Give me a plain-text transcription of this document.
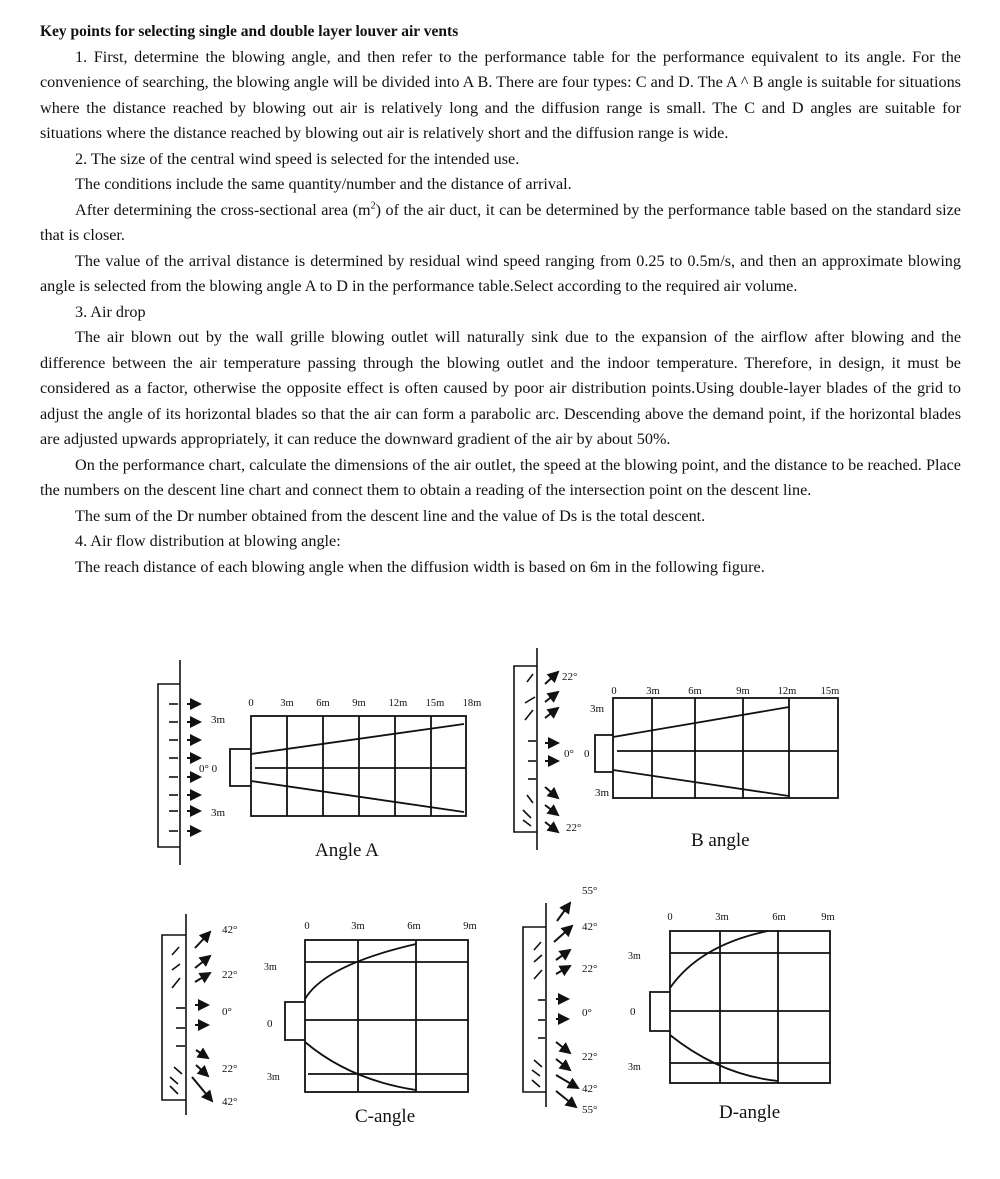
Key points for selecting single and double layer louver air vents

1. First, determine the blowing angle, and then refer to the performance table for the performance equivalent to its angle. For the convenience of searching, the blowing angle will be divided into A B. There are four types: C and D. The A ^ B angle is suitable for situations where the distance reached by blowing out air is relatively long and the diffusion range is small. The C and D angles are suitable for situations where the distance reached by blowing out air is relatively short and the diffusion range is wide.

2. The size of the central wind speed is selected for the intended use.

The conditions include the same quantity/number and the distance of arrival.

After determining the cross-sectional area $(m^2)$ of the air duct, it can be determined by the performance table based on the standard size that is closer.

The value of the arrival distance is determined by residual wind speed ranging from 0.25 to 0.5m/s, and then an approximate blowing angle is selected from the blowing angle A to D in the performance table.Select according to the required air volume.

3. Air drop

The air blown out by the wall grille blowing outlet will naturally sink due to the expansion of the airflow after blowing and the difference between the air temperature passing through the blowing outlet and the indoor temperature. Therefore, in design, it must be considered as a factor, otherwise the opposite effect is often caused by poor air distribution points.Using double-layer blades of the grid to adjust the angle of its horizontal blades so that the air can form a parabolic arc. Descending above the demand point, if the horizontal blades are adjusted upwards appropriately, it can reduce the downward gradient of the air by about 50%.

On the performance chart, calculate the dimensions of the air outlet, the speed at the blowing point, and the distance to be reached. Place the numbers on the descent line chart and connect them to obtain a reading of the intersection point on the descent line.

The sum of the Dr number obtained from the descent line and the value of Ds is the total descent.

4. Air flow distribution at blowing angle:

The reach distance of each blowing angle when the diffusion width is based on 6m in the following figure.

3m
0° 0
3m
0	3m 6m 9m 12m 15m 18m
Angle A
22°
0°
22°
3m
0
3m
0	3m	6m	9m	12m 15m
B angle
42°
22°
0°
22°
42°
3m
0
3m
0	3m	6m	9m
C-angle
55°
42°
22°
0°
22°
42°
55°
3m
0
3m
0	3m	6m	9m
D-angle
